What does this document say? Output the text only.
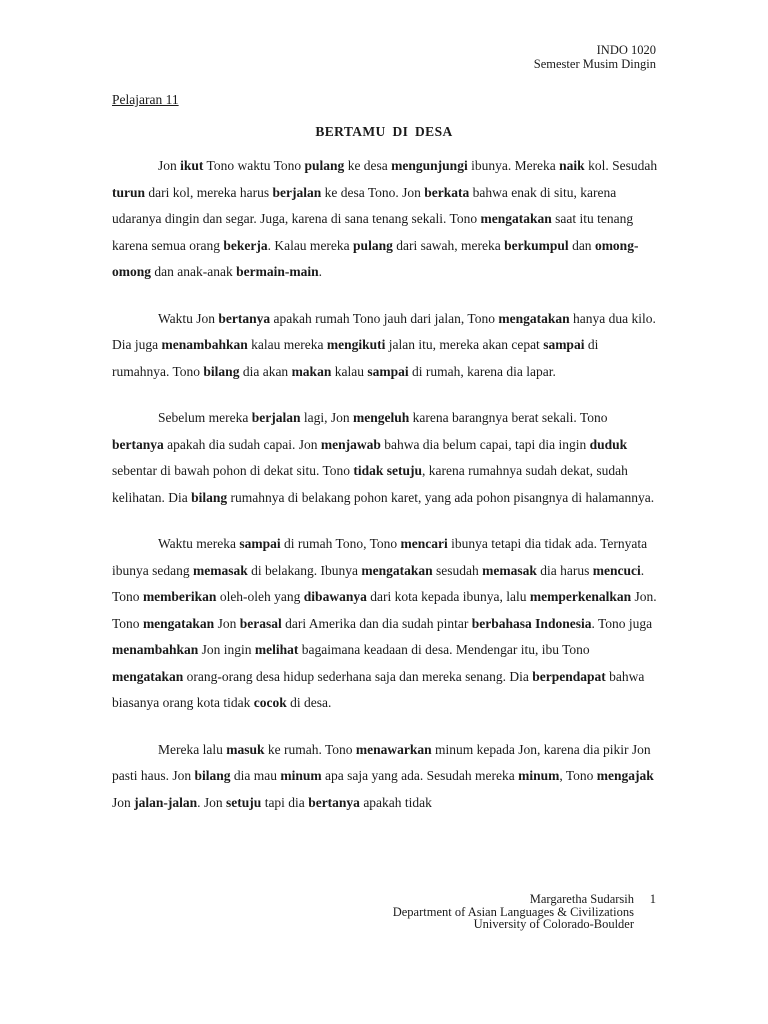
INDO 1020
Semester Musim Dingin
Pelajaran 11
BERTAMU DI DESA

Jon ikut Tono waktu Tono pulang ke desa mengunjungi ibunya. Mereka naik kol. Sesudah turun dari kol, mereka harus berjalan ke desa Tono. Jon berkata bahwa enak di situ, karena udaranya dingin dan segar. Juga, karena di sana tenang sekali. Tono mengatakan saat itu tenang karena semua orang bekerja. Kalau mereka pulang dari sawah, mereka berkumpul dan omong-omong dan anak-anak bermain-main.

Waktu Jon bertanya apakah rumah Tono jauh dari jalan, Tono mengatakan hanya dua kilo. Dia juga menambahkan kalau mereka mengikuti jalan itu, mereka akan cepat sampai di rumahnya. Tono bilang dia akan makan kalau sampai di rumah, karena dia lapar.

Sebelum mereka berjalan lagi, Jon mengeluh karena barangnya berat sekali. Tono bertanya apakah dia sudah capai. Jon menjawab bahwa dia belum capai, tapi dia ingin duduk sebentar di bawah pohon di dekat situ. Tono tidak setuju, karena rumahnya sudah dekat, sudah kelihatan. Dia bilang rumahnya di belakang pohon karet, yang ada pohon pisangnya di halamannya.

Waktu mereka sampai di rumah Tono, Tono mencari ibunya tetapi dia tidak ada. Ternyata ibunya sedang memasak di belakang. Ibunya mengatakan sesudah memasak dia harus mencuci. Tono memberikan oleh-oleh yang dibawanya dari kota kepada ibunya, lalu memperkenalkan Jon. Tono mengatakan Jon berasal dari Amerika dan dia sudah pintar berbahasa Indonesia. Tono juga menambahkan Jon ingin melihat bagaimana keadaan di desa. Mendengar itu, ibu Tono mengatakan orang-orang desa hidup sederhana saja dan mereka senang. Dia berpendapat bahwa biasanya orang kota tidak cocok di desa.

Mereka lalu masuk ke rumah. Tono menawarkan minum kepada Jon, karena dia pikir Jon pasti haus. Jon bilang dia mau minum apa saja yang ada. Sesudah mereka minum, Tono mengajak Jon jalan-jalan. Jon setuju tapi dia bertanya apakah tidak

Margaretha Sudarsih
Department of Asian Languages & Civilizations
University of Colorado-Boulder
1
